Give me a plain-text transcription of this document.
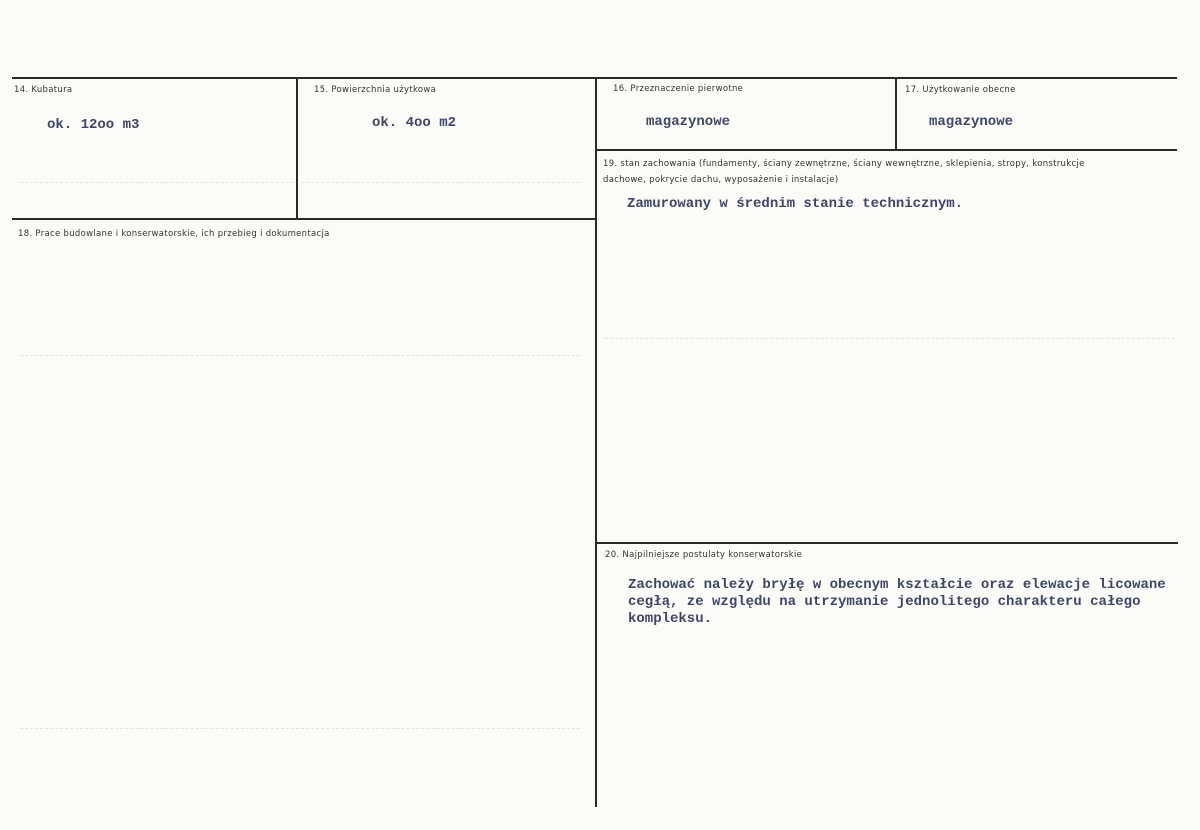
14. Kubatura
ok. 12oo m3
15. Powierzchnia użytkowa
ok. 4oo m2
16. Przeznaczenie pierwotne
magazynowe
17. Użytkowanie obecne
magazynowe
18. Prace budowlane i konserwatorskie, ich przebieg i dokumentacja
19. stan zachowania (fundamenty, ściany zewnętrzne, ściany wewnętrzne, sklepienia, stropy, konstrukcje dachowe, pokrycie dachu, wyposażenie i instalacje)
Zamurowany w średnim stanie technicznym.
20. Najpilniejsze postulaty konserwatorskie
Zachować należy bryłę w obecnym kształcie oraz elewacje licowane cegłą, ze względu na utrzymanie jednolitego charakteru całego kompleksu.
